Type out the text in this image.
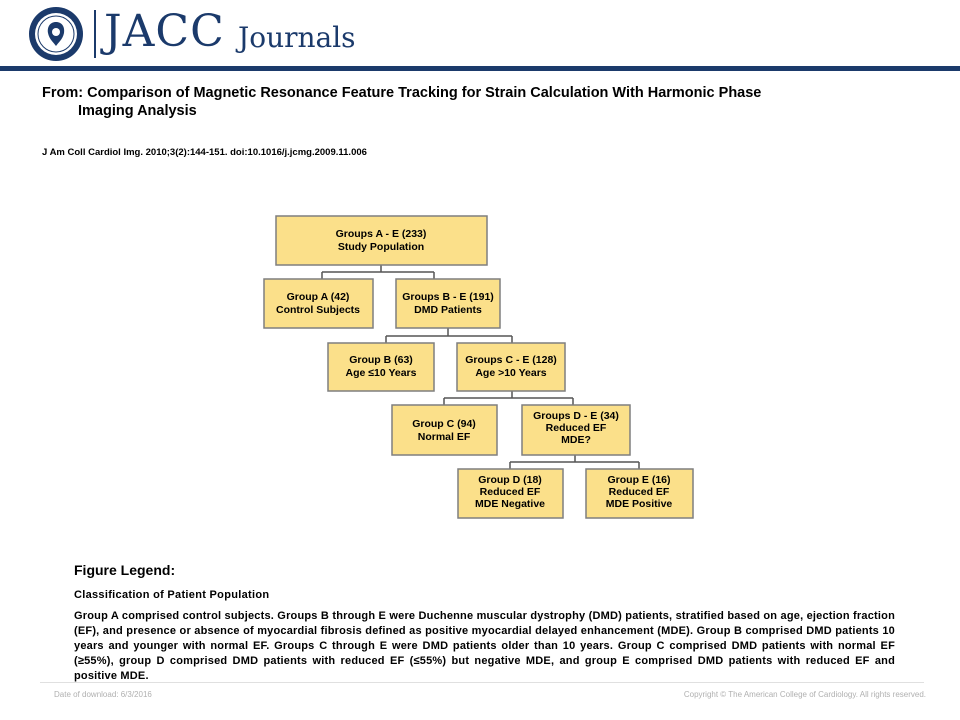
JACC Journals
From: Comparison of Magnetic Resonance Feature Tracking for Strain Calculation With Harmonic Phase
Imaging Analysis
J Am Coll Cardiol Img. 2010;3(2):144-151. doi:10.1016/j.jcmg.2009.11.006
Groups A - E (233) Study Population
Group A (42) Control Subjects
Groups B - E (191) DMD Patients
Group B (63) Age ≤10 Years
Groups C - E (128) Age >10 Years
Group C (94) Normal EF
Groups D - E (34) Reduced EF MDE?
Group D (18) Reduced EF MDE Negative
Group E (16) Reduced EF MDE Positive
Figure Legend:
Classification of Patient Population
Group A comprised control subjects. Groups B through E were Duchenne muscular dystrophy (DMD) patients, stratified based on age, ejection fraction (EF), and presence or absence of myocardial fibrosis defined as positive myocardial delayed enhancement (MDE). Group B comprised DMD patients 10 years and younger with normal EF. Groups C through E were DMD patients older than 10 years. Group C comprised DMD patients with normal EF (≥55%), group D comprised DMD patients with reduced EF (≤55%) but negative MDE, and group E comprised DMD patients with reduced EF and positive MDE.
Date of download: 6/3/2016	Copyright © The American College of Cardiology. All rights reserved.
